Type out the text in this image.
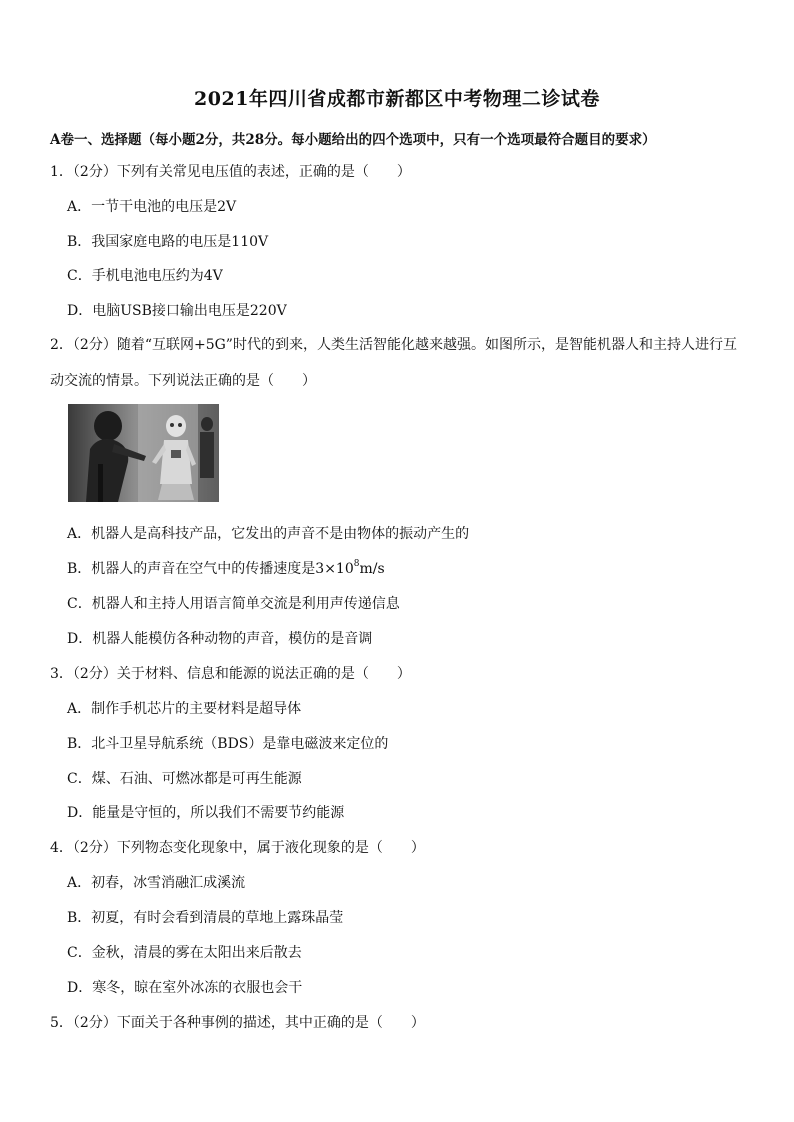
2021年四川省成都市新都区中考物理二诊试卷
A卷一、选择题（每小题2分，共28分。每小题给出的四个选项中，只有一个选项最符合题目的要求）
1．（2分）下列有关常见电压值的表述，正确的是（　　）
A．一节干电池的电压是2V
B．我国家庭电路的电压是110V
C．手机电池电压约为4V
D．电脑USB接口输出电压是220V
2．（2分）随着“互联网+5G”时代的到来，人类生活智能化越来越强。如图所示，是智能机器人和主持人进行互动交流的情景。下列说法正确的是（　　）
A．机器人是高科技产品，它发出的声音不是由物体的振动产生的
B．机器人的声音在空气中的传播速度是$3\times 10^8m/s$
C．机器人和主持人用语言简单交流是利用声传递信息
D．机器人能模仿各种动物的声音，模仿的是音调
3．（2分）关于材料、信息和能源的说法正确的是（　　）
A．制作手机芯片的主要材料是超导体
B．北斗卫星导航系统（BDS）是靠电磁波来定位的
C．煤、石油、可燃冰都是可再生能源
D．能量是守恒的，所以我们不需要节约能源
4．（2分）下列物态变化现象中，属于液化现象的是（　　）
A．初春，冰雪消融汇成溪流
B．初夏，有时会看到清晨的草地上露珠晶莹
C．金秋，清晨的雾在太阳出来后散去
D．寒冬，晾在室外冰冻的衣服也会干
5．（2分）下面关于各种事例的描述，其中正确的是（　　）
